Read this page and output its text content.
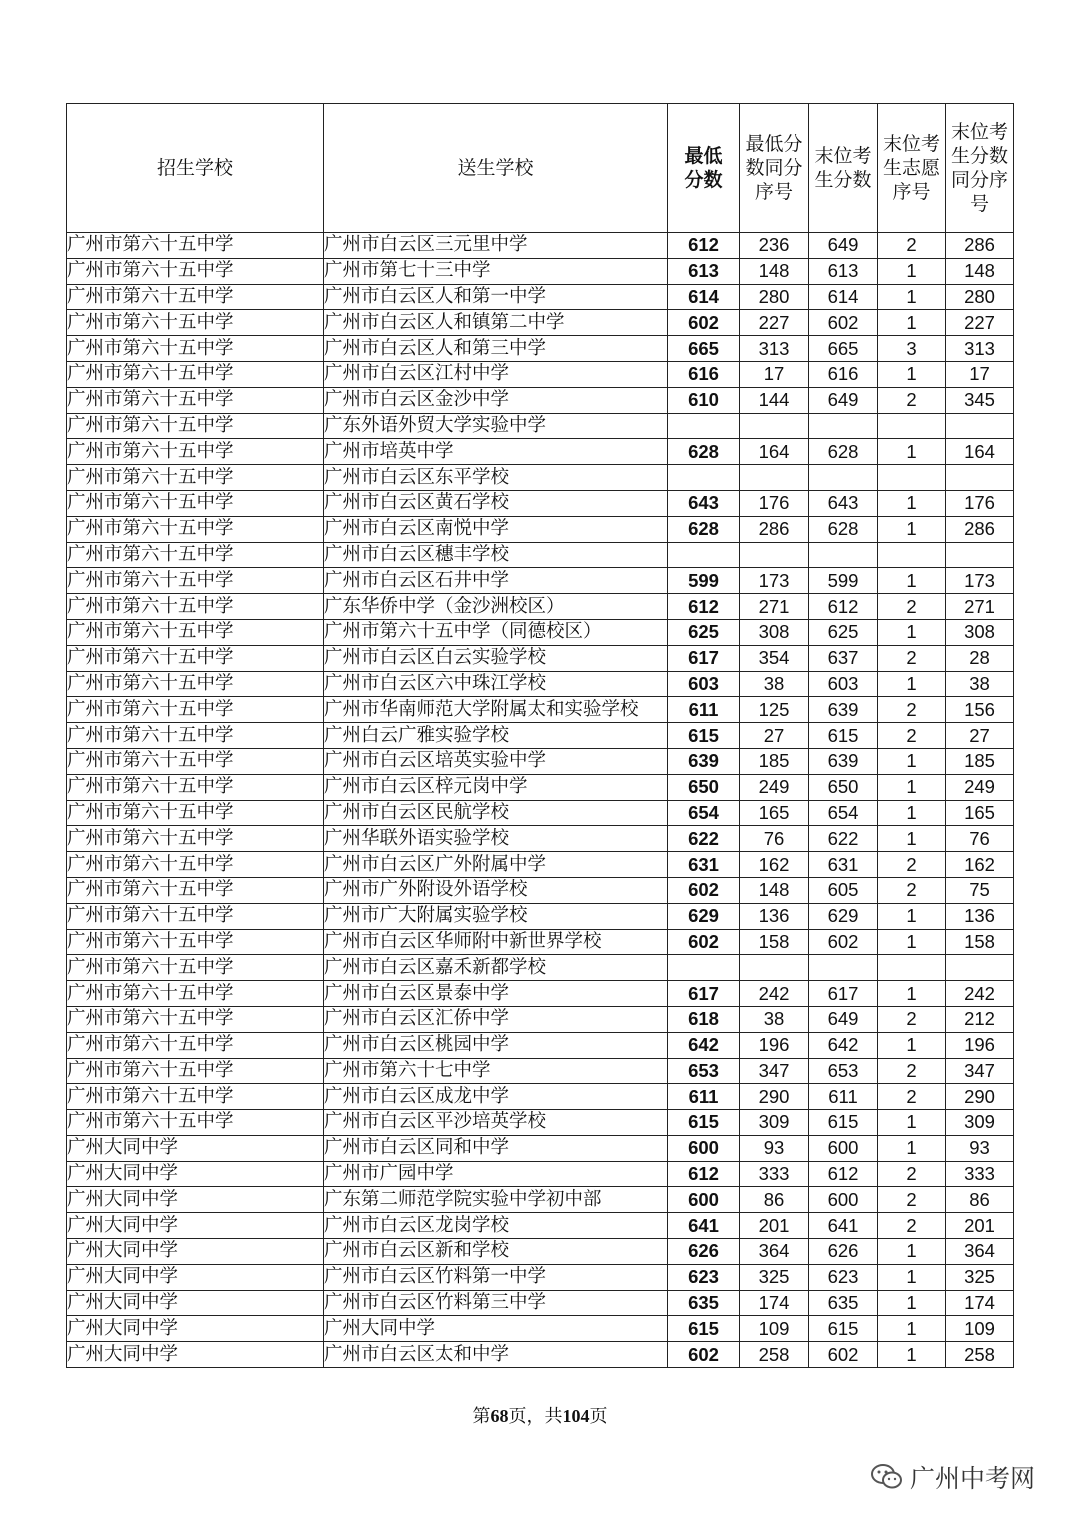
招生学校	送生学校	最低分数	最低分数同分序号	末位考生分数	末位考生志愿序号	末位考生分数同分序号
广州市第六十五中学	广州市白云区三元里中学	612	236	649	2	286
广州市第六十五中学	广州市第七十三中学	613	148	613	1	148
广州市第六十五中学	广州市白云区人和第一中学	614	280	614	1	280
广州市第六十五中学	广州市白云区人和镇第二中学	602	227	602	1	227
广州市第六十五中学	广州市白云区人和第三中学	665	313	665	3	313
广州市第六十五中学	广州市白云区江村中学	616	17	616	1	17
广州市第六十五中学	广州市白云区金沙中学	610	144	649	2	345
广州市第六十五中学	广东外语外贸大学实验中学					
广州市第六十五中学	广州市培英中学	628	164	628	1	164
广州市第六十五中学	广州市白云区东平学校					
广州市第六十五中学	广州市白云区黄石学校	643	176	643	1	176
广州市第六十五中学	广州市白云区南悦中学	628	286	628	1	286
广州市第六十五中学	广州市白云区穗丰学校					
广州市第六十五中学	广州市白云区石井中学	599	173	599	1	173
广州市第六十五中学	广东华侨中学（金沙洲校区）	612	271	612	2	271
广州市第六十五中学	广州市第六十五中学（同德校区）	625	308	625	1	308
广州市第六十五中学	广州市白云区白云实验学校	617	354	637	2	28
广州市第六十五中学	广州市白云区六中珠江学校	603	38	603	1	38
广州市第六十五中学	广州市华南师范大学附属太和实验学校	611	125	639	2	156
广州市第六十五中学	广州白云广雅实验学校	615	27	615	2	27
广州市第六十五中学	广州市白云区培英实验中学	639	185	639	1	185
广州市第六十五中学	广州市白云区梓元岗中学	650	249	650	1	249
广州市第六十五中学	广州市白云区民航学校	654	165	654	1	165
广州市第六十五中学	广州华联外语实验学校	622	76	622	1	76
广州市第六十五中学	广州市白云区广外附属中学	631	162	631	2	162
广州市第六十五中学	广州市广外附设外语学校	602	148	605	2	75
广州市第六十五中学	广州市广大附属实验学校	629	136	629	1	136
广州市第六十五中学	广州市白云区华师附中新世界学校	602	158	602	1	158
广州市第六十五中学	广州市白云区嘉禾新都学校					
广州市第六十五中学	广州市白云区景泰中学	617	242	617	1	242
广州市第六十五中学	广州市白云区汇侨中学	618	38	649	2	212
广州市第六十五中学	广州市白云区桃园中学	642	196	642	1	196
广州市第六十五中学	广州市第六十七中学	653	347	653	2	347
广州市第六十五中学	广州市白云区成龙中学	611	290	611	2	290
广州市第六十五中学	广州市白云区平沙培英学校	615	309	615	1	309
广州大同中学	广州市白云区同和中学	600	93	600	1	93
广州大同中学	广州市广园中学	612	333	612	2	333
广州大同中学	广东第二师范学院实验中学初中部	600	86	600	2	86
广州大同中学	广州市白云区龙岗学校	641	201	641	2	201
广州大同中学	广州市白云区新和学校	626	364	626	1	364
广州大同中学	广州市白云区竹料第一中学	623	325	623	1	325
广州大同中学	广州市白云区竹料第三中学	635	174	635	1	174
广州大同中学	广州大同中学	615	109	615	1	109
广州大同中学	广州市白云区太和中学	602	258	602	1	258
第68页，共104页
广州中考网
